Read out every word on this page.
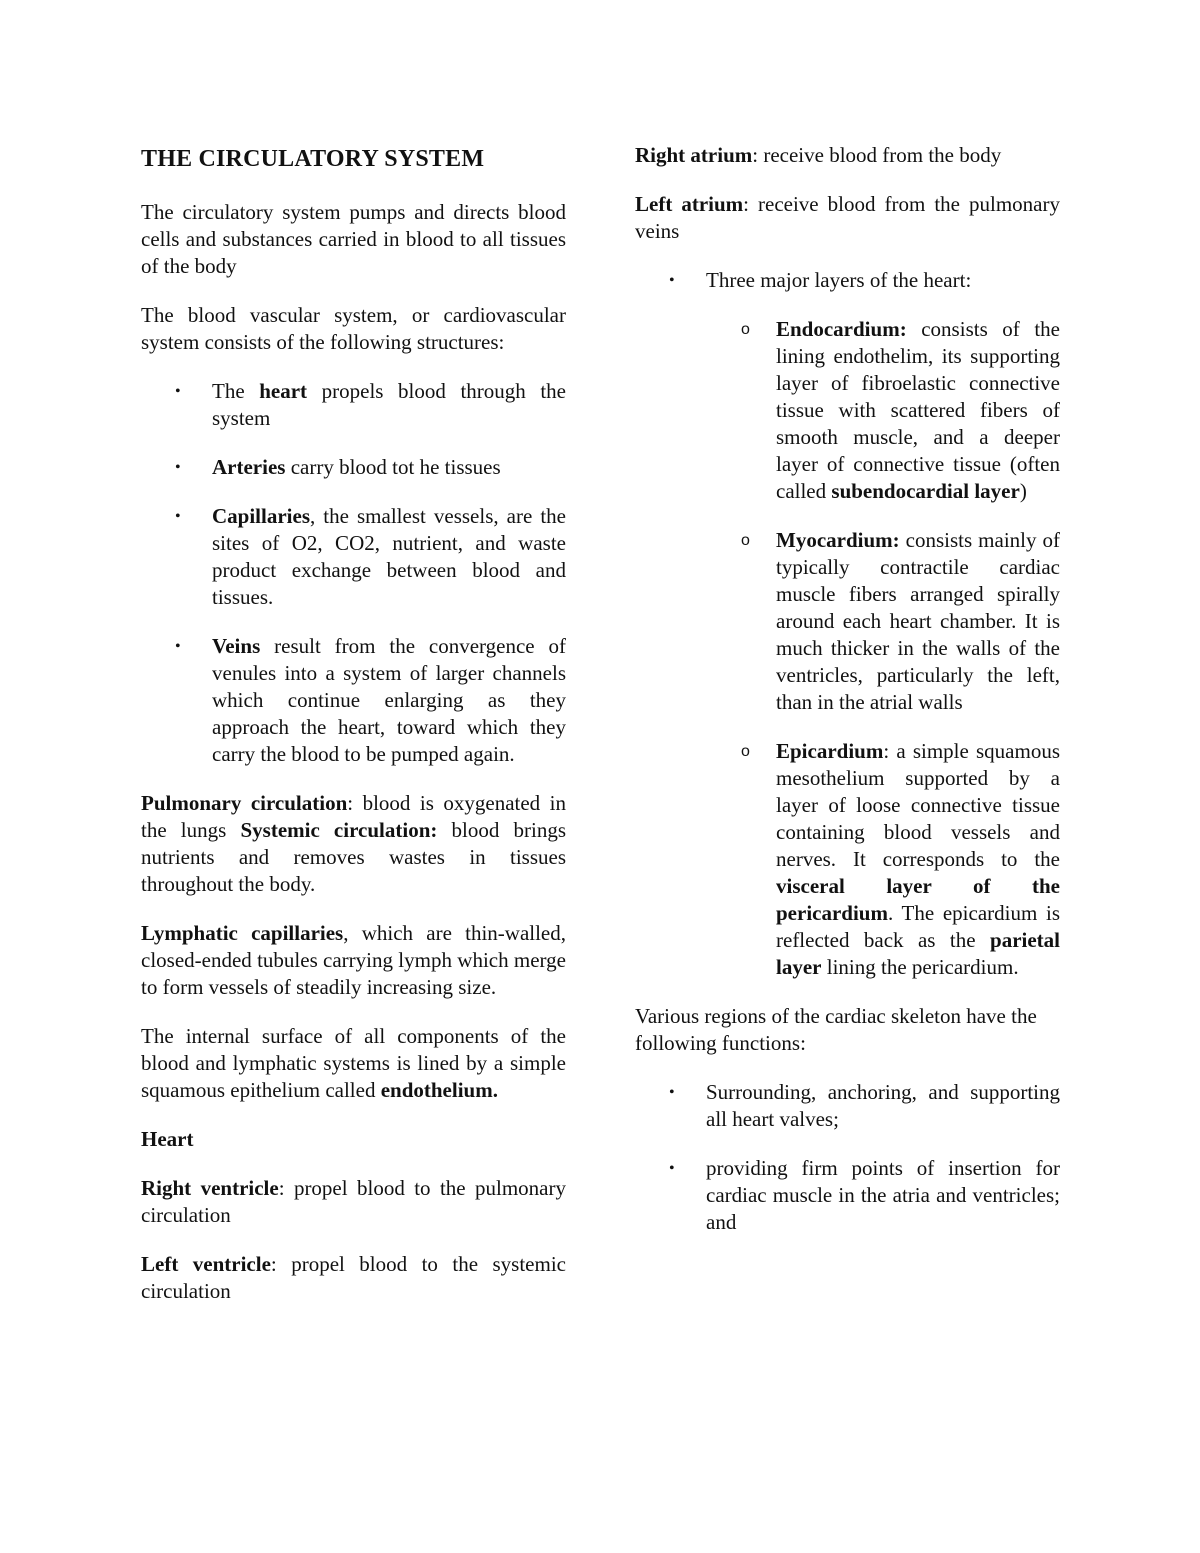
THE CIRCULATORY SYSTEM

The circulatory system pumps and directs blood cells and substances carried in blood to all tissues of the body

The blood vascular system, or cardiovascular system consists of the following structures:

• The heart propels blood through the system
• Arteries carry blood tot he tissues
• Capillaries, the smallest vessels, are the sites of O2, CO2, nutrient, and waste product exchange between blood and tissues.
• Veins result from the convergence of venules into a system of larger channels which continue enlarging as they approach the heart, toward which they carry the blood to be pumped again.

Pulmonary circulation: blood is oxygenated in the lungs Systemic circulation: blood brings nutrients and removes wastes in tissues throughout the body.

Lymphatic capillaries, which are thin-walled, closed-ended tubules carrying lymph which merge to form vessels of steadily increasing size.

The internal surface of all components of the blood and lymphatic systems is lined by a simple squamous epithelium called endothelium.

Heart

Right ventricle: propel blood to the pulmonary circulation

Left ventricle: propel blood to the systemic circulation

Right atrium: receive blood from the body

Left atrium: receive blood from the pulmonary veins

• Three major layers of the heart:
o Endocardium: consists of the lining endothelim, its supporting layer of fibroelastic connective tissue with scattered fibers of smooth muscle, and a deeper layer of connective tissue (often called subendocardial layer)
o Myocardium: consists mainly of typically contractile cardiac muscle fibers arranged spirally around each heart chamber. It is much thicker in the walls of the ventricles, particularly the left, than in the atrial walls
o Epicardium: a simple squamous mesothelium supported by a layer of loose connective tissue containing blood vessels and nerves. It corresponds to the visceral layer of the pericardium. The epicardium is reflected back as the parietal layer lining the pericardium.

Various regions of the cardiac skeleton have the following functions:

• Surrounding, anchoring, and supporting all heart valves;
• providing firm points of insertion for cardiac muscle in the atria and ventricles; and
